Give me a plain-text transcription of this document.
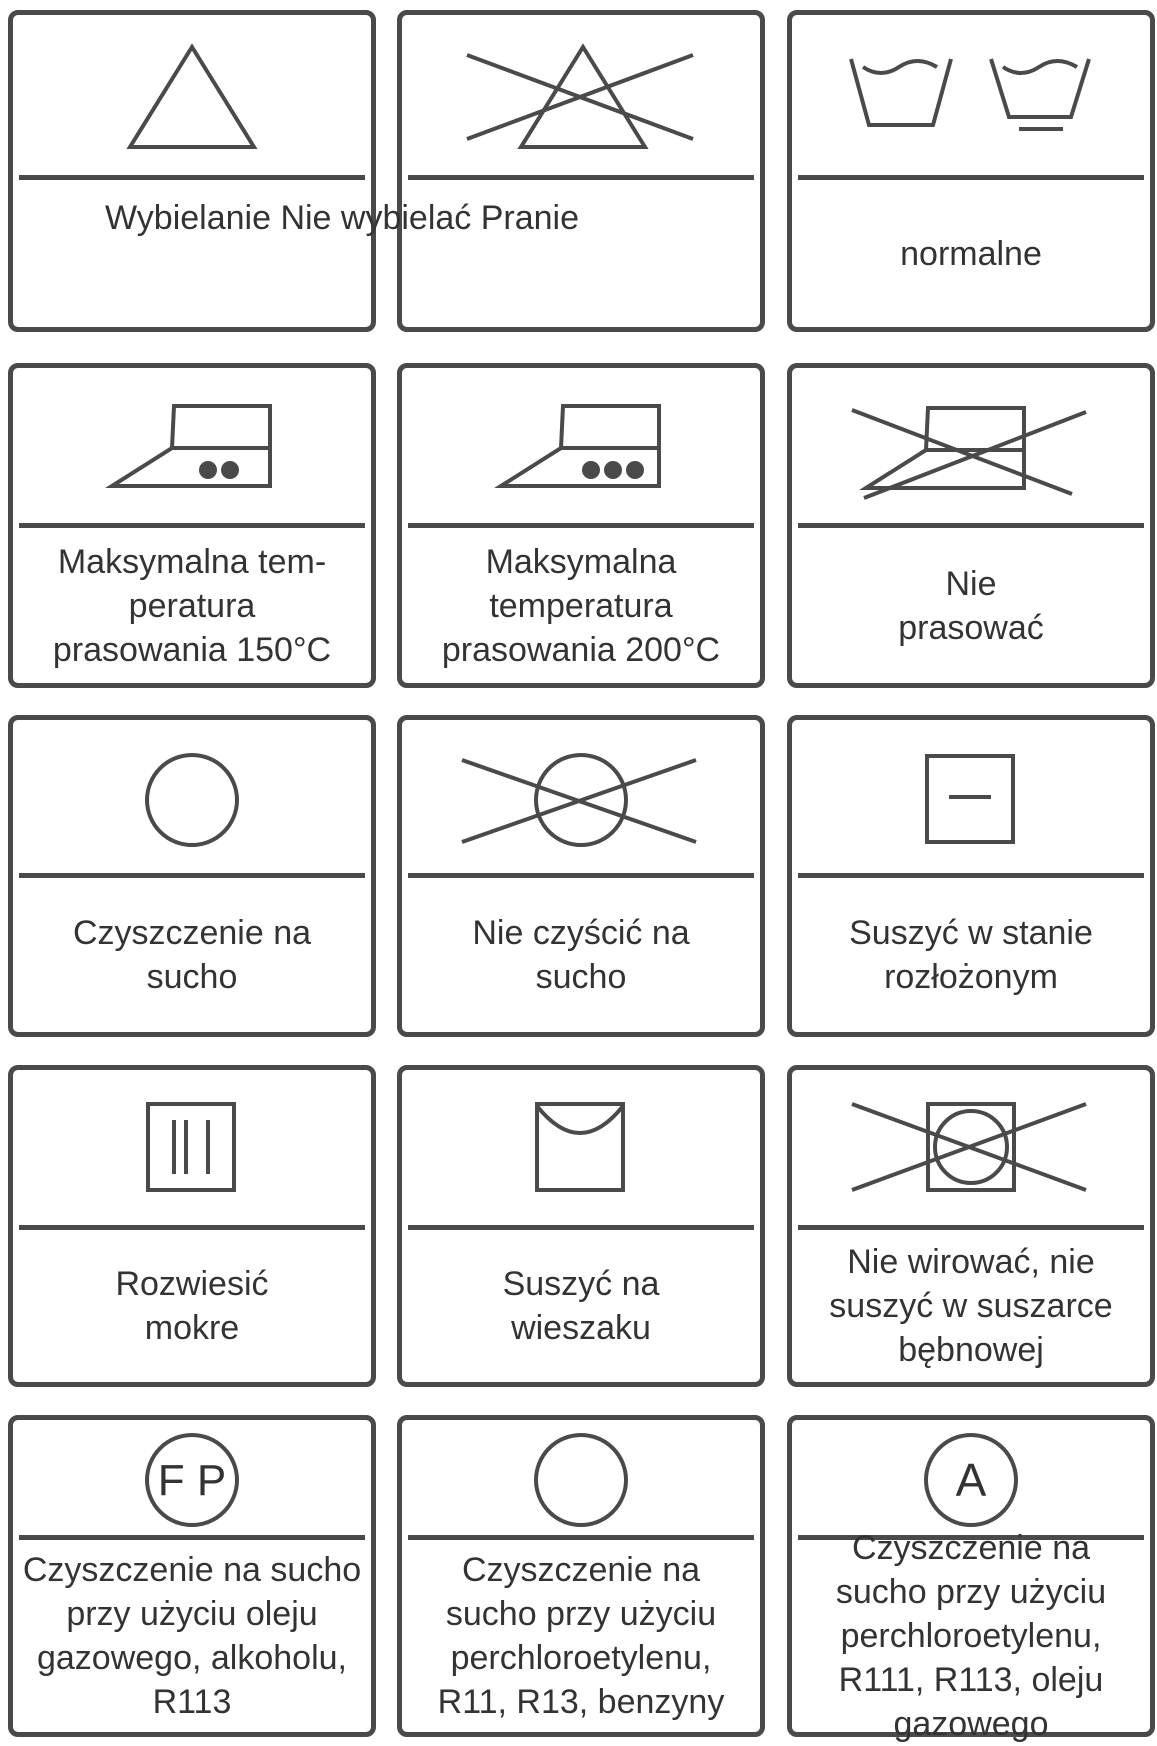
normalne
Maksymalna tem-
peratura
prasowania 150°C
Maksymalna
temperatura
prasowania 200°C
Nie
prasować
Czyszczenie na
sucho
Nie czyścić na
sucho
Suszyć w stanie
rozłożonym
Rozwiesić
mokre
Suszyć na
wieszaku
Nie wirować, nie
suszyć w suszarce
bębnowej
F P
Czyszczenie na sucho
przy użyciu oleju
gazowego, alkoholu,
R113
Czyszczenie na
sucho przy użyciu
perchloroetylenu,
R11, R13, benzyny
A
Czyszczenie na
sucho przy użyciu
perchloroetylenu,
R111, R113, oleju
gazowego
Wybielanie Nie wybielać Pranie
